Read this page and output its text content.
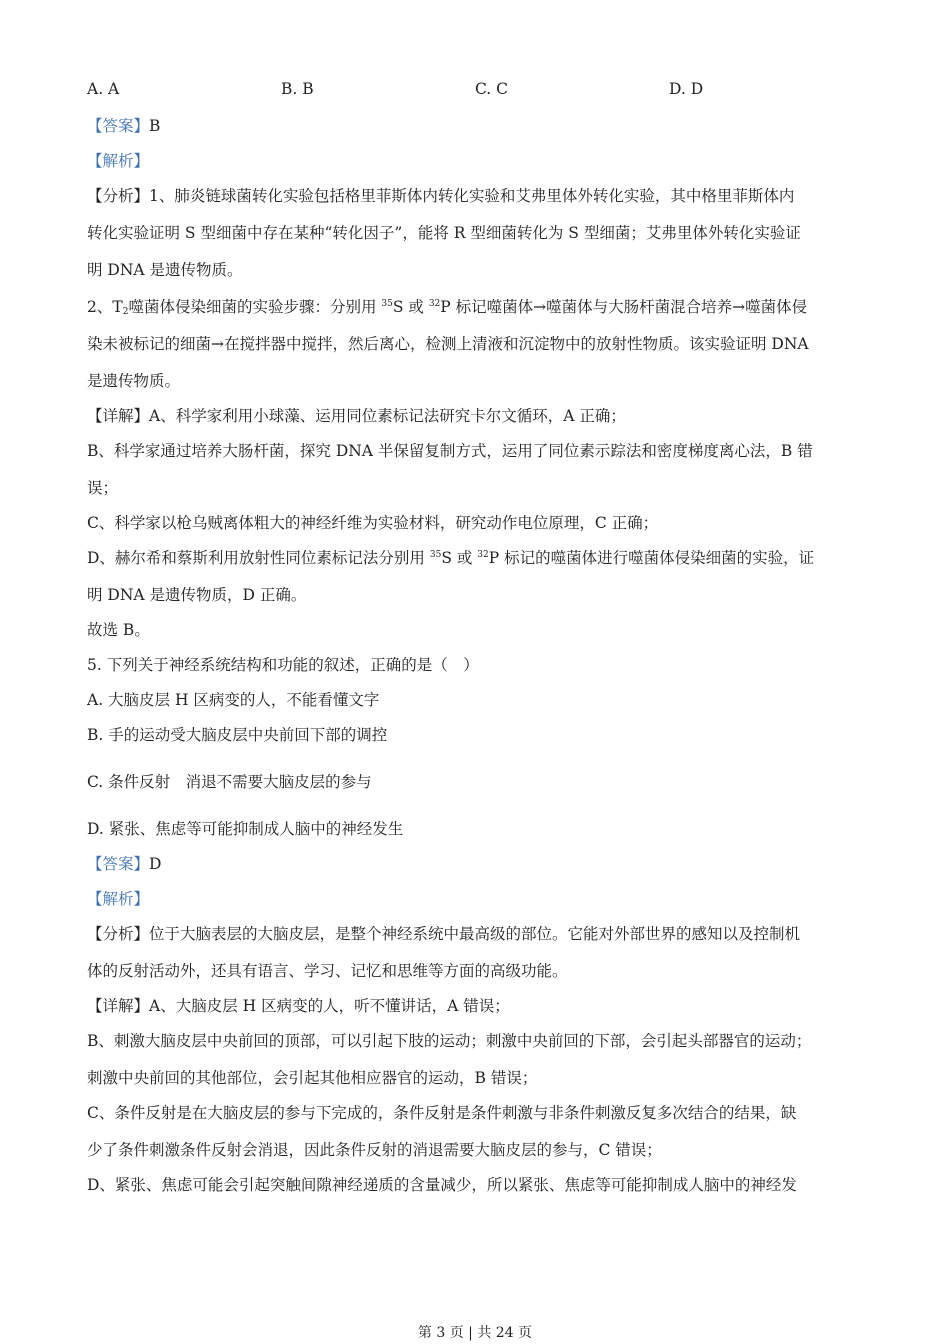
A. A	B. B	C. C	D. D
【答案】B
【解析】
【分析】1、肺炎链球菌转化实验包括格里菲斯体内转化实验和艾弗里体外转化实验，其中格里菲斯体内
转化实验证明 S 型细菌中存在某种“转化因子”，能将 R 型细菌转化为 S 型细菌；艾弗里体外转化实验证
明 DNA 是遗传物质。
2、$T_2$噬菌体侵染细菌的实验步骤：分别用 $^{35}$S 或 $^{32}$P 标记噬菌体→噬菌体与大肠杆菌混合培养→噬菌体侵
染未被标记的细菌→在搅拌器中搅拌，然后离心，检测上清液和沉淀物中的放射性物质。该实验证明 DNA
是遗传物质。
【详解】A、科学家利用小球藻、运用同位素标记法研究卡尔文循环，A 正确；
B、科学家通过培养大肠杆菌，探究 DNA 半保留复制方式，运用了同位素示踪法和密度梯度离心法，B 错
误；
C、科学家以枪乌贼离体粗大的神经纤维为实验材料，研究动作电位原理，C 正确；
D、赫尔希和蔡斯利用放射性同位素标记法分别用 $^{35}$S 或 $^{32}$P 标记的噬菌体进行噬菌体侵染细菌的实验，证
明 DNA 是遗传物质，D 正确。
故选 B。
5. 下列关于神经系统结构和功能的叙述，正确的是（　）
A. 大脑皮层 H 区病变的人，不能看懂文字
B. 手的运动受大脑皮层中央前回下部的调控
C. 条件反射　消退不需要大脑皮层的参与
D. 紧张、焦虑等可能抑制成人脑中的神经发生
【答案】D
【解析】
【分析】位于大脑表层的大脑皮层，是整个神经系统中最高级的部位。它能对外部世界的感知以及控制机
体的反射活动外，还具有语言、学习、记忆和思维等方面的高级功能。
【详解】A、大脑皮层 H 区病变的人，听不懂讲话，A 错误；
B、刺激大脑皮层中央前回的顶部，可以引起下肢的运动；刺激中央前回的下部，会引起头部器官的运动；
刺激中央前回的其他部位，会引起其他相应器官的运动，B 错误；
C、条件反射是在大脑皮层的参与下完成的，条件反射是条件刺激与非条件刺激反复多次结合的结果，缺
少了条件刺激条件反射会消退，因此条件反射的消退需要大脑皮层的参与，C 错误；
D、紧张、焦虑可能会引起突触间隙神经递质的含量减少，所以紧张、焦虑等可能抑制成人脑中的神经发
第 3 页 | 共 24 页
